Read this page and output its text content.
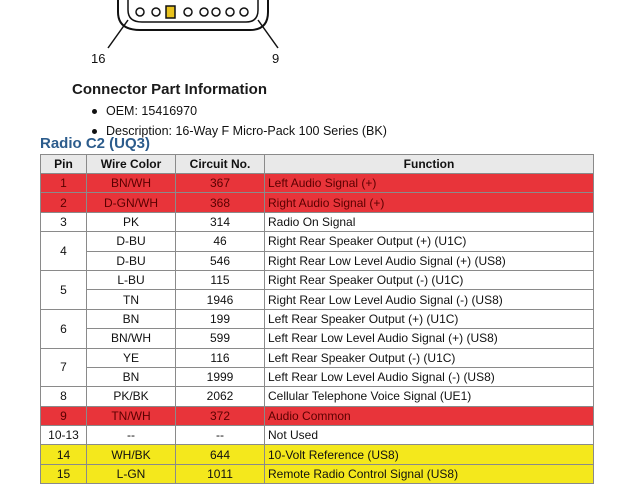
16	9
Connector Part Information
OEM: 15416970
Description: 16-Way F Micro-Pack 100 Series (BK)
Radio C2 (UQ3)
Pin	Wire Color	Circuit No.	Function
1	BN/WH	367	Left Audio Signal (+)
2	D-GN/WH	368	Right Audio Signal (+)
3	PK	314	Radio On Signal
4	D-BU	46	Right Rear Speaker Output (+) (U1C)
	D-BU	546	Right Rear Low Level Audio Signal (+) (US8)
5	L-BU	115	Right Rear Speaker Output (-) (U1C)
	TN	1946	Right Rear Low Level Audio Signal (-) (US8)
6	BN	199	Left Rear Speaker Output (+) (U1C)
	BN/WH	599	Left Rear Low Level Audio Signal (+) (US8)
7	YE	116	Left Rear Speaker Output (-) (U1C)
	BN	1999	Left Rear Low Level Audio Signal (-) (US8)
8	PK/BK	2062	Cellular Telephone Voice Signal (UE1)
9	TN/WH	372	Audio Common
10-13	--	--	Not Used
14	WH/BK	644	10-Volt Reference (US8)
15	L-GN	1011	Remote Radio Control Signal (US8)
